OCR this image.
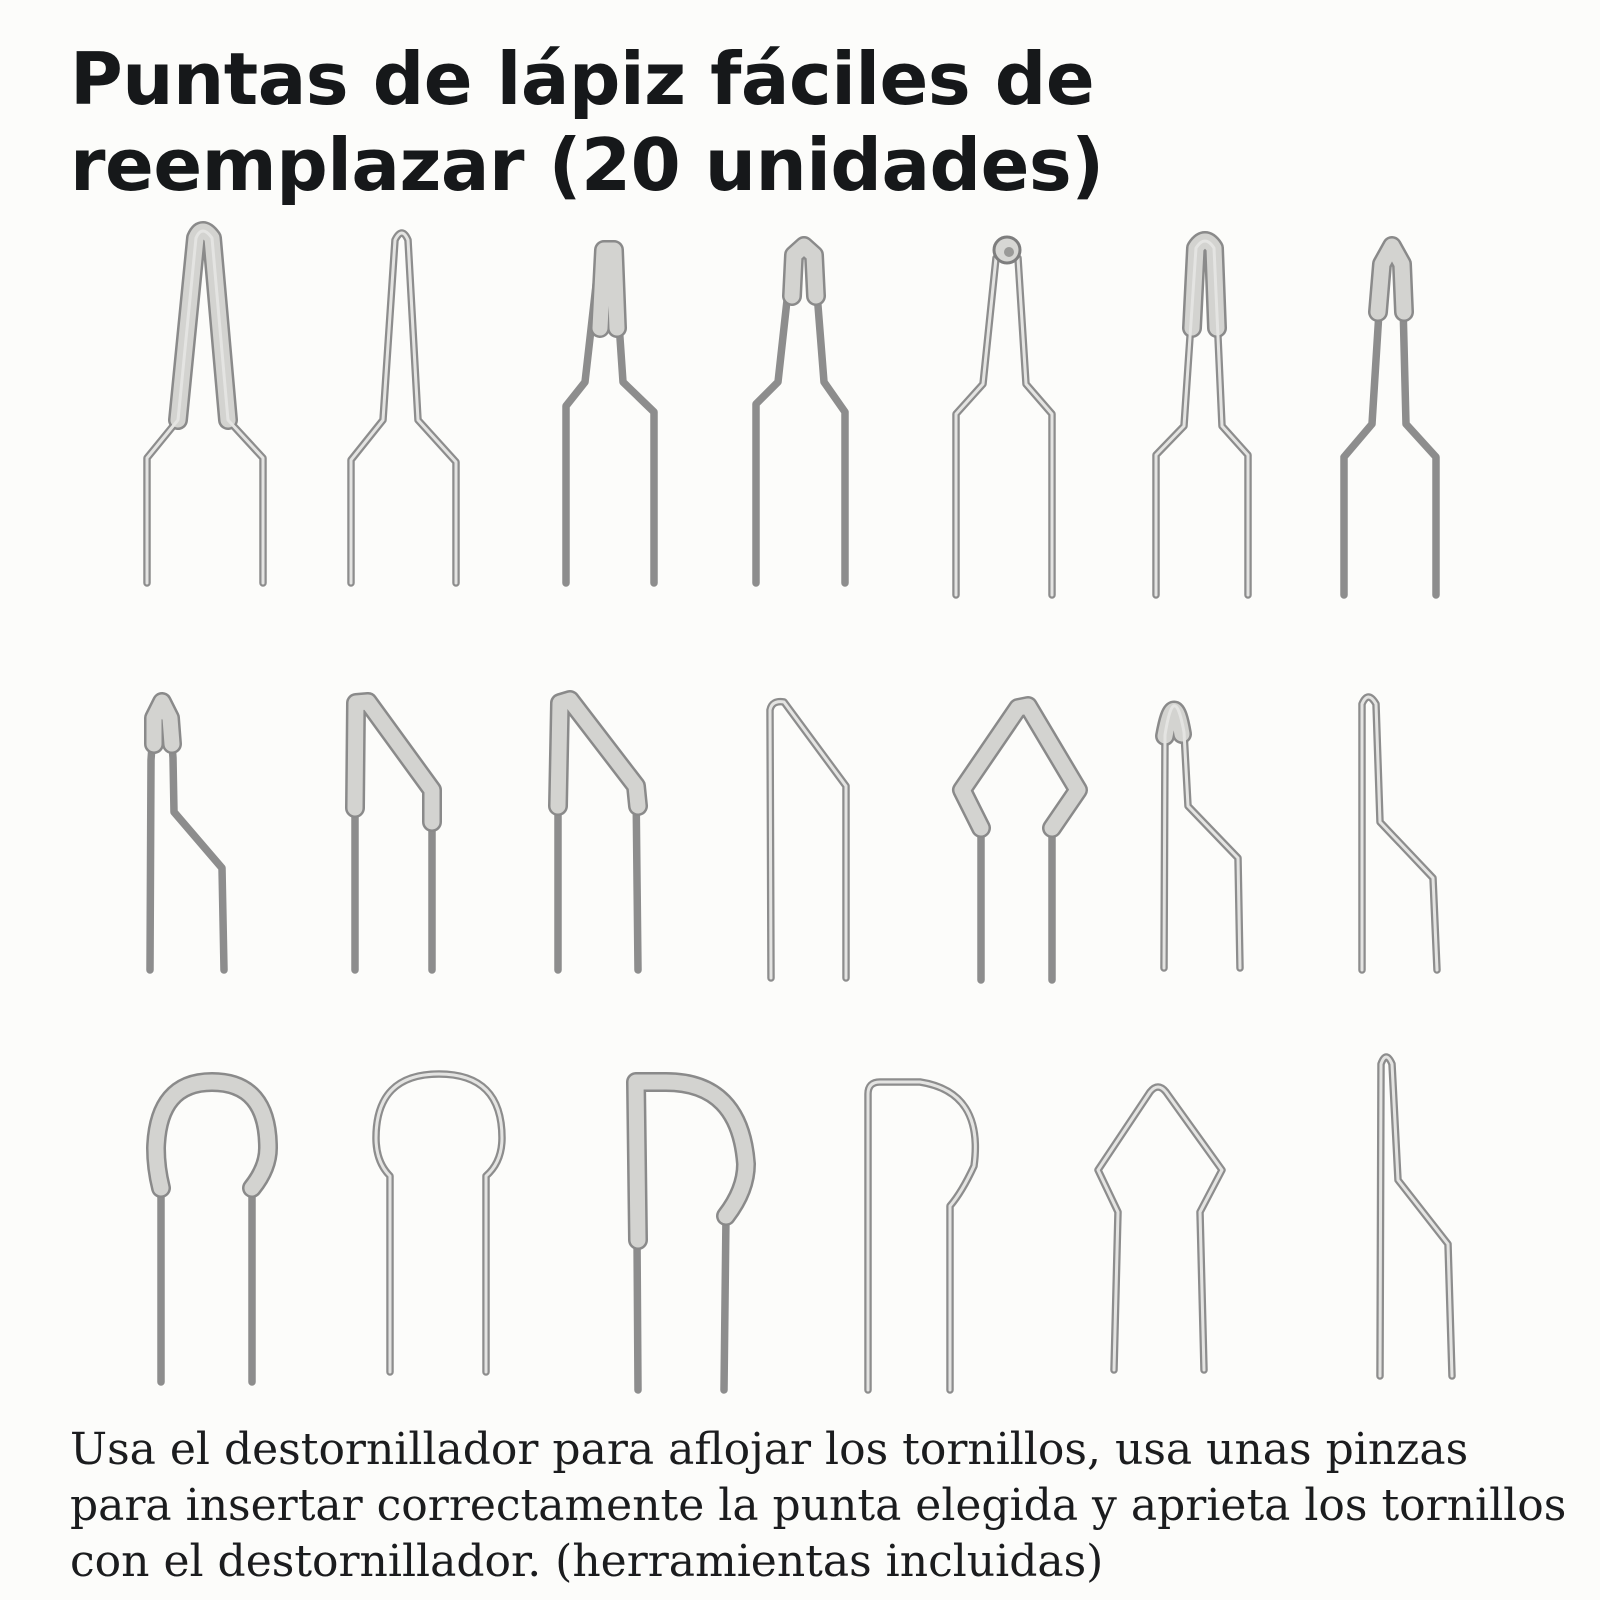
Puntas de lápiz fáciles de reemplazar (20 unidades)

Usa el destornillador para aflojar los tornillos, usa unas pinzas para insertar correctamente la punta elegida y aprieta los tornillos con el destornillador. (herramientas incluidas)
